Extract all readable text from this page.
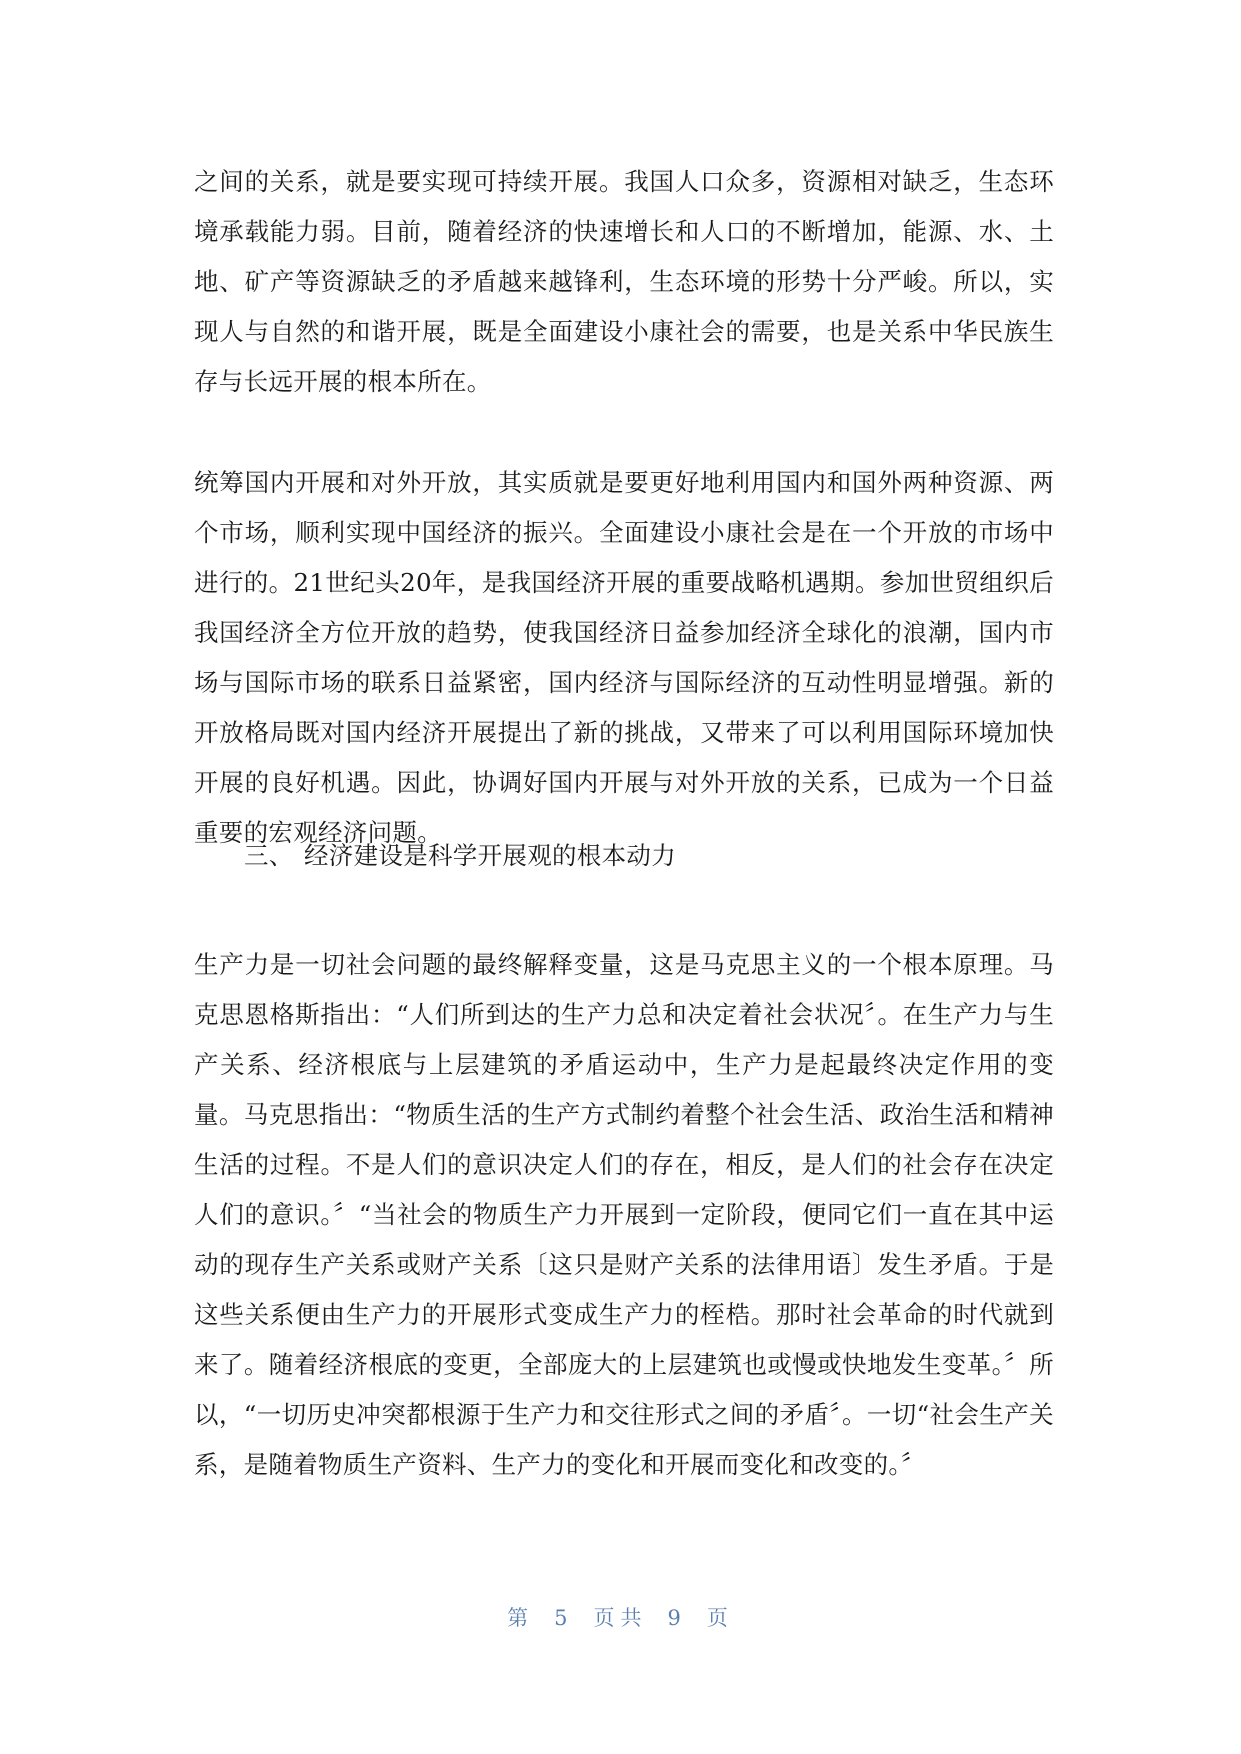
之间的关系，就是要实现可持续开展。我国人口众多，资源相对缺乏，生态环境承载能力弱。目前，随着经济的快速增长和人口的不断增加，能源、水、土地、矿产等资源缺乏的矛盾越来越锋利，生态环境的形势十分严峻。所以，实现人与自然的和谐开展，既是全面建设小康社会的需要，也是关系中华民族生存与长远开展的根本所在。

统筹国内开展和对外开放，其实质就是要更好地利用国内和国外两种资源、两个市场，顺利实现中国经济的振兴。全面建设小康社会是在一个开放的市场中进行的。21世纪头20年，是我国经济开展的重要战略机遇期。参加世贸组织后我国经济全方位开放的趋势，使我国经济日益参加经济全球化的浪潮，国内市场与国际市场的联系日益紧密，国内经济与国际经济的互动性明显增强。新的开放格局既对国内经济开展提出了新的挑战，又带来了可以利用国际环境加快开展的良好机遇。因此，协调好国内开展与对外开放的关系，已成为一个日益重要的宏观经济问题。

三、 经济建设是科学开展观的根本动力

生产力是一切社会问题的最终解释变量，这是马克思主义的一个根本原理。马克思恩格斯指出：“人们所到达的生产力总和决定着社会状况〞。在生产力与生产关系、经济根底与上层建筑的矛盾运动中，生产力是起最终决定作用的变量。马克思指出：“物质生活的生产方式制约着整个社会生活、政治生活和精神生活的过程。不是人们的意识决定人们的存在，相反，是人们的社会存在决定人们的意识。〞“当社会的物质生产力开展到一定阶段，便同它们一直在其中运动的现存生产关系或财产关系〔这只是财产关系的法律用语〕发生矛盾。于是这些关系便由生产力的开展形式变成生产力的桎梏。那时社会革命的时代就到来了。随着经济根底的变更，全部庞大的上层建筑也或慢或快地发生变革。〞所以，“一切历史冲突都根源于生产力和交往形式之间的矛盾〞。一切“社会生产关系，是随着物质生产资料、生产力的变化和开展而变化和改变的。〞

第 5 页共 9 页
